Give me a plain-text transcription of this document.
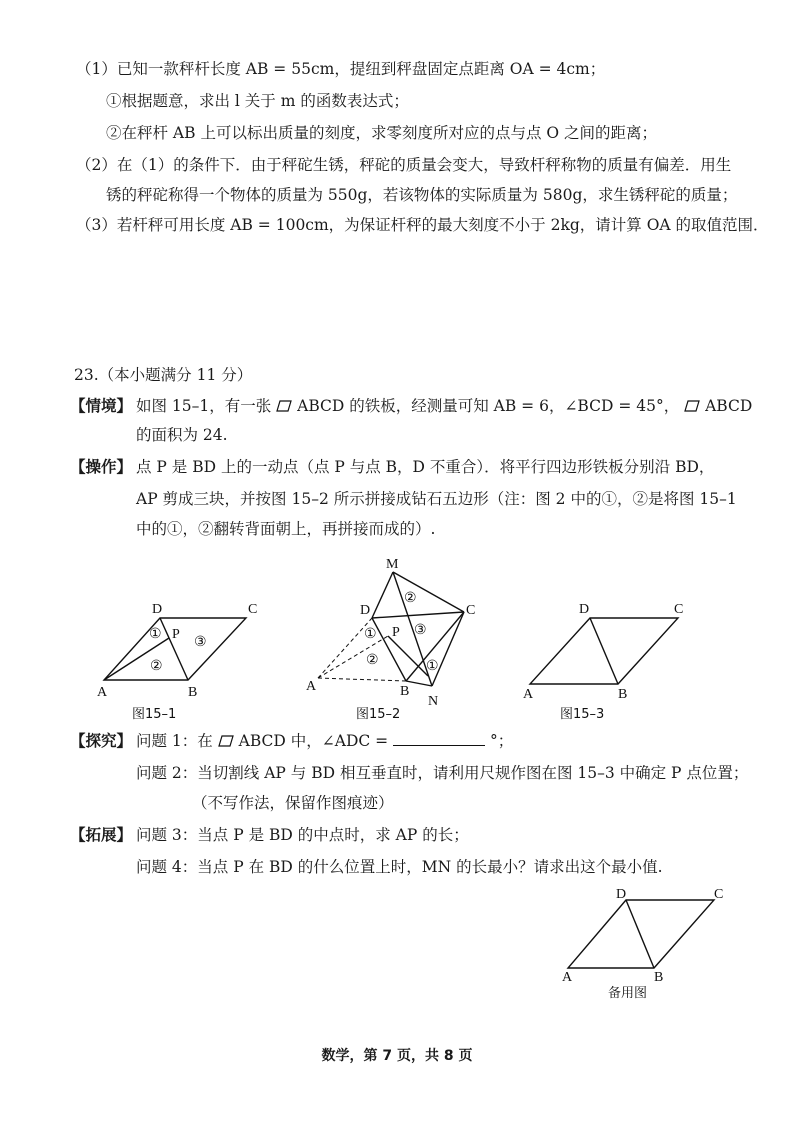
（1）已知一款秤杆长度 AB = 55cm，提纽到秤盘固定点距离 OA = 4cm；
①根据题意，求出 l 关于 m 的函数表达式；
②在秤杆 AB 上可以标出质量的刻度，求零刻度所对应的点与点 O 之间的距离；
（2）在（1）的条件下．由于秤砣生锈，秤砣的质量会变大，导致杆秤称物的质量有偏差．用生
锈的秤砣称得一个物体的质量为 550g，若该物体的实际质量为 580g，求生锈秤砣的质量；
（3）若杆秤可用长度 AB = 100cm，为保证杆秤的最大刻度不小于 2kg，请计算 OA 的取值范围．
23.（本小题满分 11 分）
【情境】 如图 15–1，有一张 ABCD 的铁板，经测量可知 AB = 6，∠BCD = 45°， ABCD
的面积为 24.
【操作】 点 P 是 BD 上的一动点（点 P 与点 B，D 不重合）．将平行四边形铁板分别沿 BD，
AP 剪成三块，并按图 15–2 所示拼接成钻石五边形（注：图 2 中的①，②是将图 15–1
中的①，②翻转背面朝上，再拼接而成的）.
D	C
A	B
P
①
②
③
图15–1
M
D	C
A	B
N
P
②
①
②
③
①
图15–2
D	C
A	B
图15–3
【探究】 问题 1：在 ABCD 中，∠ADC =	°；
问题 2：当切割线 AP 与 BD 相互垂直时，请利用尺规作图在图 15–3 中确定 P 点位置；
（不写作法，保留作图痕迹）
【拓展】 问题 3：当点 P 是 BD 的中点时，求 AP 的长；
问题 4：当点 P 在 BD 的什么位置上时，MN 的长最小？请求出这个最小值.
D	C
A	B
备用图
数学，第 7 页，共 8 页
